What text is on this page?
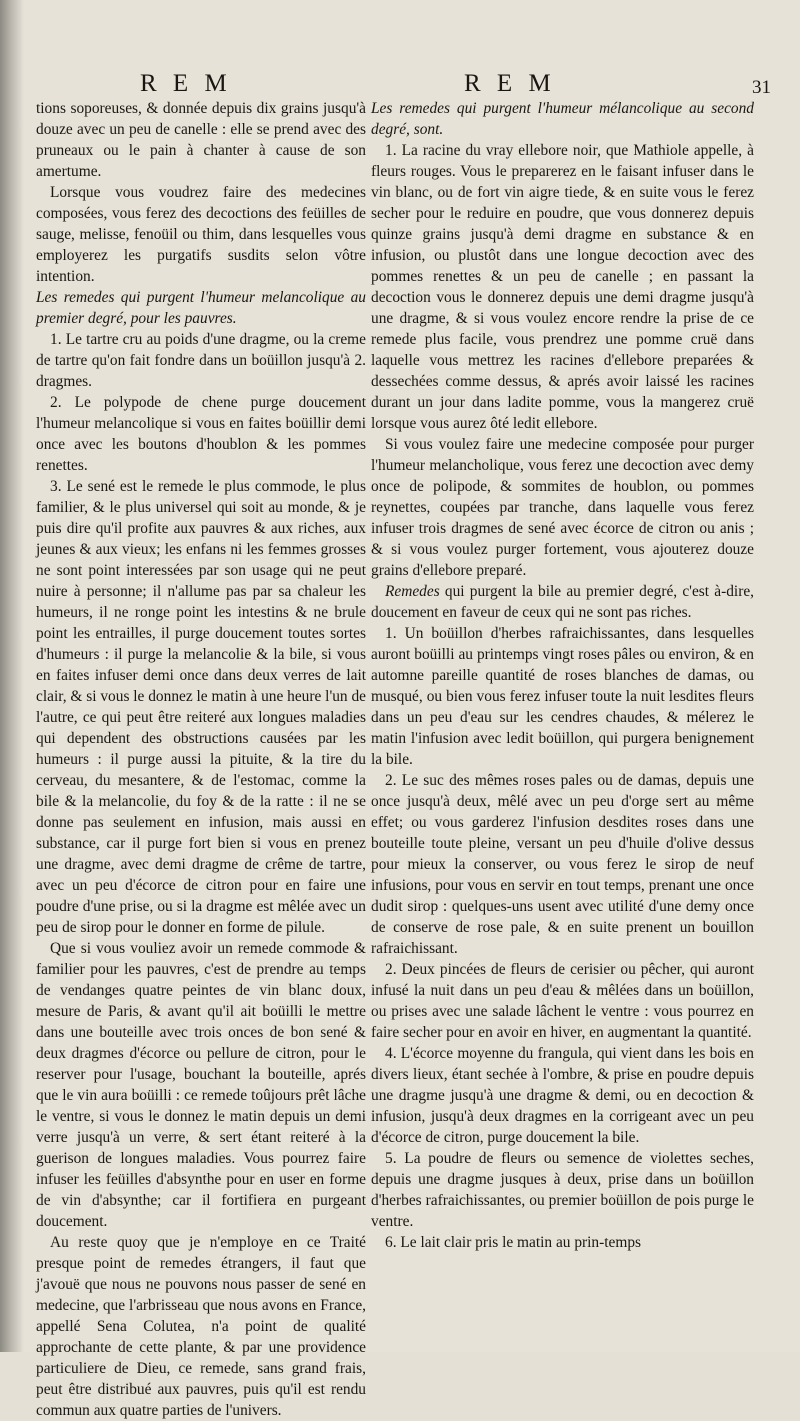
R E M	R E M	31

tions soporeuses, & donnée depuis dix grains jusqu'à douze avec un peu de canelle : elle se prend avec des pruneaux ou le pain à chanter à cause de son amertume.

Lorsque vous voudrez faire des medecines composées, vous ferez des decoctions des feüilles de sauge, melisse, fenoüil ou thim, dans lesquelles vous employerez les purgatifs susdits selon vôtre intention.

Les remedes qui purgent l'humeur melancolique au premier degré, pour les pauvres.

1. Le tartre cru au poids d'une dragme, ou la creme de tartre qu'on fait fondre dans un boüillon jusqu'à 2. dragmes.

2. Le polypode de chene purge doucement l'humeur melancolique si vous en faites boüillir demi once avec les boutons d'houblon & les pommes renettes.

3. Le sené est le remede le plus commode, le plus familier, & le plus universel qui soit au monde, & je puis dire qu'il profite aux pauvres & aux riches, aux jeunes & aux vieux; les enfans ni les femmes grosses ne sont point interessées par son usage qui ne peut nuire à personne; il n'allume pas par sa chaleur les humeurs, il ne ronge point les intestins & ne brule point les entrailles, il purge doucement toutes sortes d'humeurs : il purge la melancolie & la bile, si vous en faites infuser demi once dans deux verres de lait clair, & si vous le donnez le matin à une heure l'un de l'autre, ce qui peut être reiteré aux longues maladies qui dependent des obstructions causées par les humeurs : il purge aussi la pituite, & la tire du cerveau, du mesantere, & de l'estomac, comme la bile & la melancolie, du foy & de la ratte : il ne se donne pas seulement en infusion, mais aussi en substance, car il purge fort bien si vous en prenez une dragme, avec demi dragme de crême de tartre, avec un peu d'écorce de citron pour en faire une poudre d'une prise, ou si la dragme est mêlée avec un peu de sirop pour le donner en forme de pilule.

Que si vous vouliez avoir un remede commode & familier pour les pauvres, c'est de prendre au temps de vendanges quatre peintes de vin blanc doux, mesure de Paris, & avant qu'il ait boüilli le mettre dans une bouteille avec trois onces de bon sené & deux dragmes d'écorce ou pellure de citron, pour le reserver pour l'usage, bouchant la bouteille, aprés que le vin aura boüilli : ce remede toûjours prêt lâche le ventre, si vous le donnez le matin depuis un demi verre jusqu'à un verre, & sert étant reiteré à la guerison de longues maladies. Vous pourrez faire infuser les feüilles d'absynthe pour en user en forme de vin d'absynthe; car il fortifiera en purgeant doucement.

Au reste quoy que je n'employe en ce Traité presque point de remedes étrangers, il faut que j'avouë que nous ne pouvons nous passer de sené en medecine, que l'arbrisseau que nous avons en France, appellé Sena Colutea, n'a point de qualité approchante de cette plante, & par une providence particuliere de Dieu, ce remede, sans grand frais, peut être distribué aux pauvres, puis qu'il est rendu commun aux quatre parties de l'univers.

Les remedes qui purgent l'humeur mélancolique au second degré, sont.

1. La racine du vray ellebore noir, que Mathiole appelle, à fleurs rouges. Vous le preparerez en le faisant infuser dans le vin blanc, ou de fort vin aigre tiede, & en suite vous le ferez secher pour le reduire en poudre, que vous donnerez depuis quinze grains jusqu'à demi dragme en substance & en infusion, ou plustôt dans une longue decoction avec des pommes renettes & un peu de canelle ; en passant la decoction vous le donnerez depuis une demi dragme jusqu'à une dragme, & si vous voulez encore rendre la prise de ce remede plus facile, vous prendrez une pomme cruë dans laquelle vous mettrez les racines d'ellebore preparées & dessechées comme dessus, & aprés avoir laissé les racines durant un jour dans ladite pomme, vous la mangerez cruë lorsque vous aurez ôté ledit ellebore.

Si vous voulez faire une medecine composée pour purger l'humeur melancholique, vous ferez une decoction avec demy once de polipode, & sommites de houblon, ou pommes reynettes, coupées par tranche, dans laquelle vous ferez infuser trois dragmes de sené avec écorce de citron ou anis ; & si vous voulez purger fortement, vous ajouterez douze grains d'ellebore preparé.

Remedes qui purgent la bile au premier degré, c'est à-dire, doucement en faveur de ceux qui ne sont pas riches.

1. Un boüillon d'herbes rafraichissantes, dans lesquelles auront boüilli au printemps vingt roses pâles ou environ, & en automne pareille quantité de roses blanches de damas, ou musqué, ou bien vous ferez infuser toute la nuit lesdites fleurs dans un peu d'eau sur les cendres chaudes, & mélerez le matin l'infusion avec ledit boüillon, qui purgera benignement la bile.

2. Le suc des mêmes roses pales ou de damas, depuis une once jusqu'à deux, mêlé avec un peu d'orge sert au même effet; ou vous garderez l'infusion desdites roses dans une bouteille toute pleine, versant un peu d'huile d'olive dessus pour mieux la conserver, ou vous ferez le sirop de neuf infusions, pour vous en servir en tout temps, prenant une once dudit sirop : quelques-uns usent avec utilité d'une demy once de conserve de rose pale, & en suite prenent un bouillon rafraichissant.

2. Deux pincées de fleurs de cerisier ou pêcher, qui auront infusé la nuit dans un peu d'eau & mêlées dans un boüillon, ou prises avec une salade lâchent le ventre : vous pourrez en faire secher pour en avoir en hiver, en augmentant la quantité.

4. L'écorce moyenne du frangula, qui vient dans les bois en divers lieux, étant sechée à l'ombre, & prise en poudre depuis une dragme jusqu'à une dragme & demi, ou en decoction & infusion, jusqu'à deux dragmes en la corrigeant avec un peu d'écorce de citron, purge doucement la bile.

5. La poudre de fleurs ou semence de violettes seches, depuis une dragme jusques à deux, prise dans un boüillon d'herbes rafraichissantes, ou premier boüillon de pois purge le ventre.

6. Le lait clair pris le matin au prin-temps
